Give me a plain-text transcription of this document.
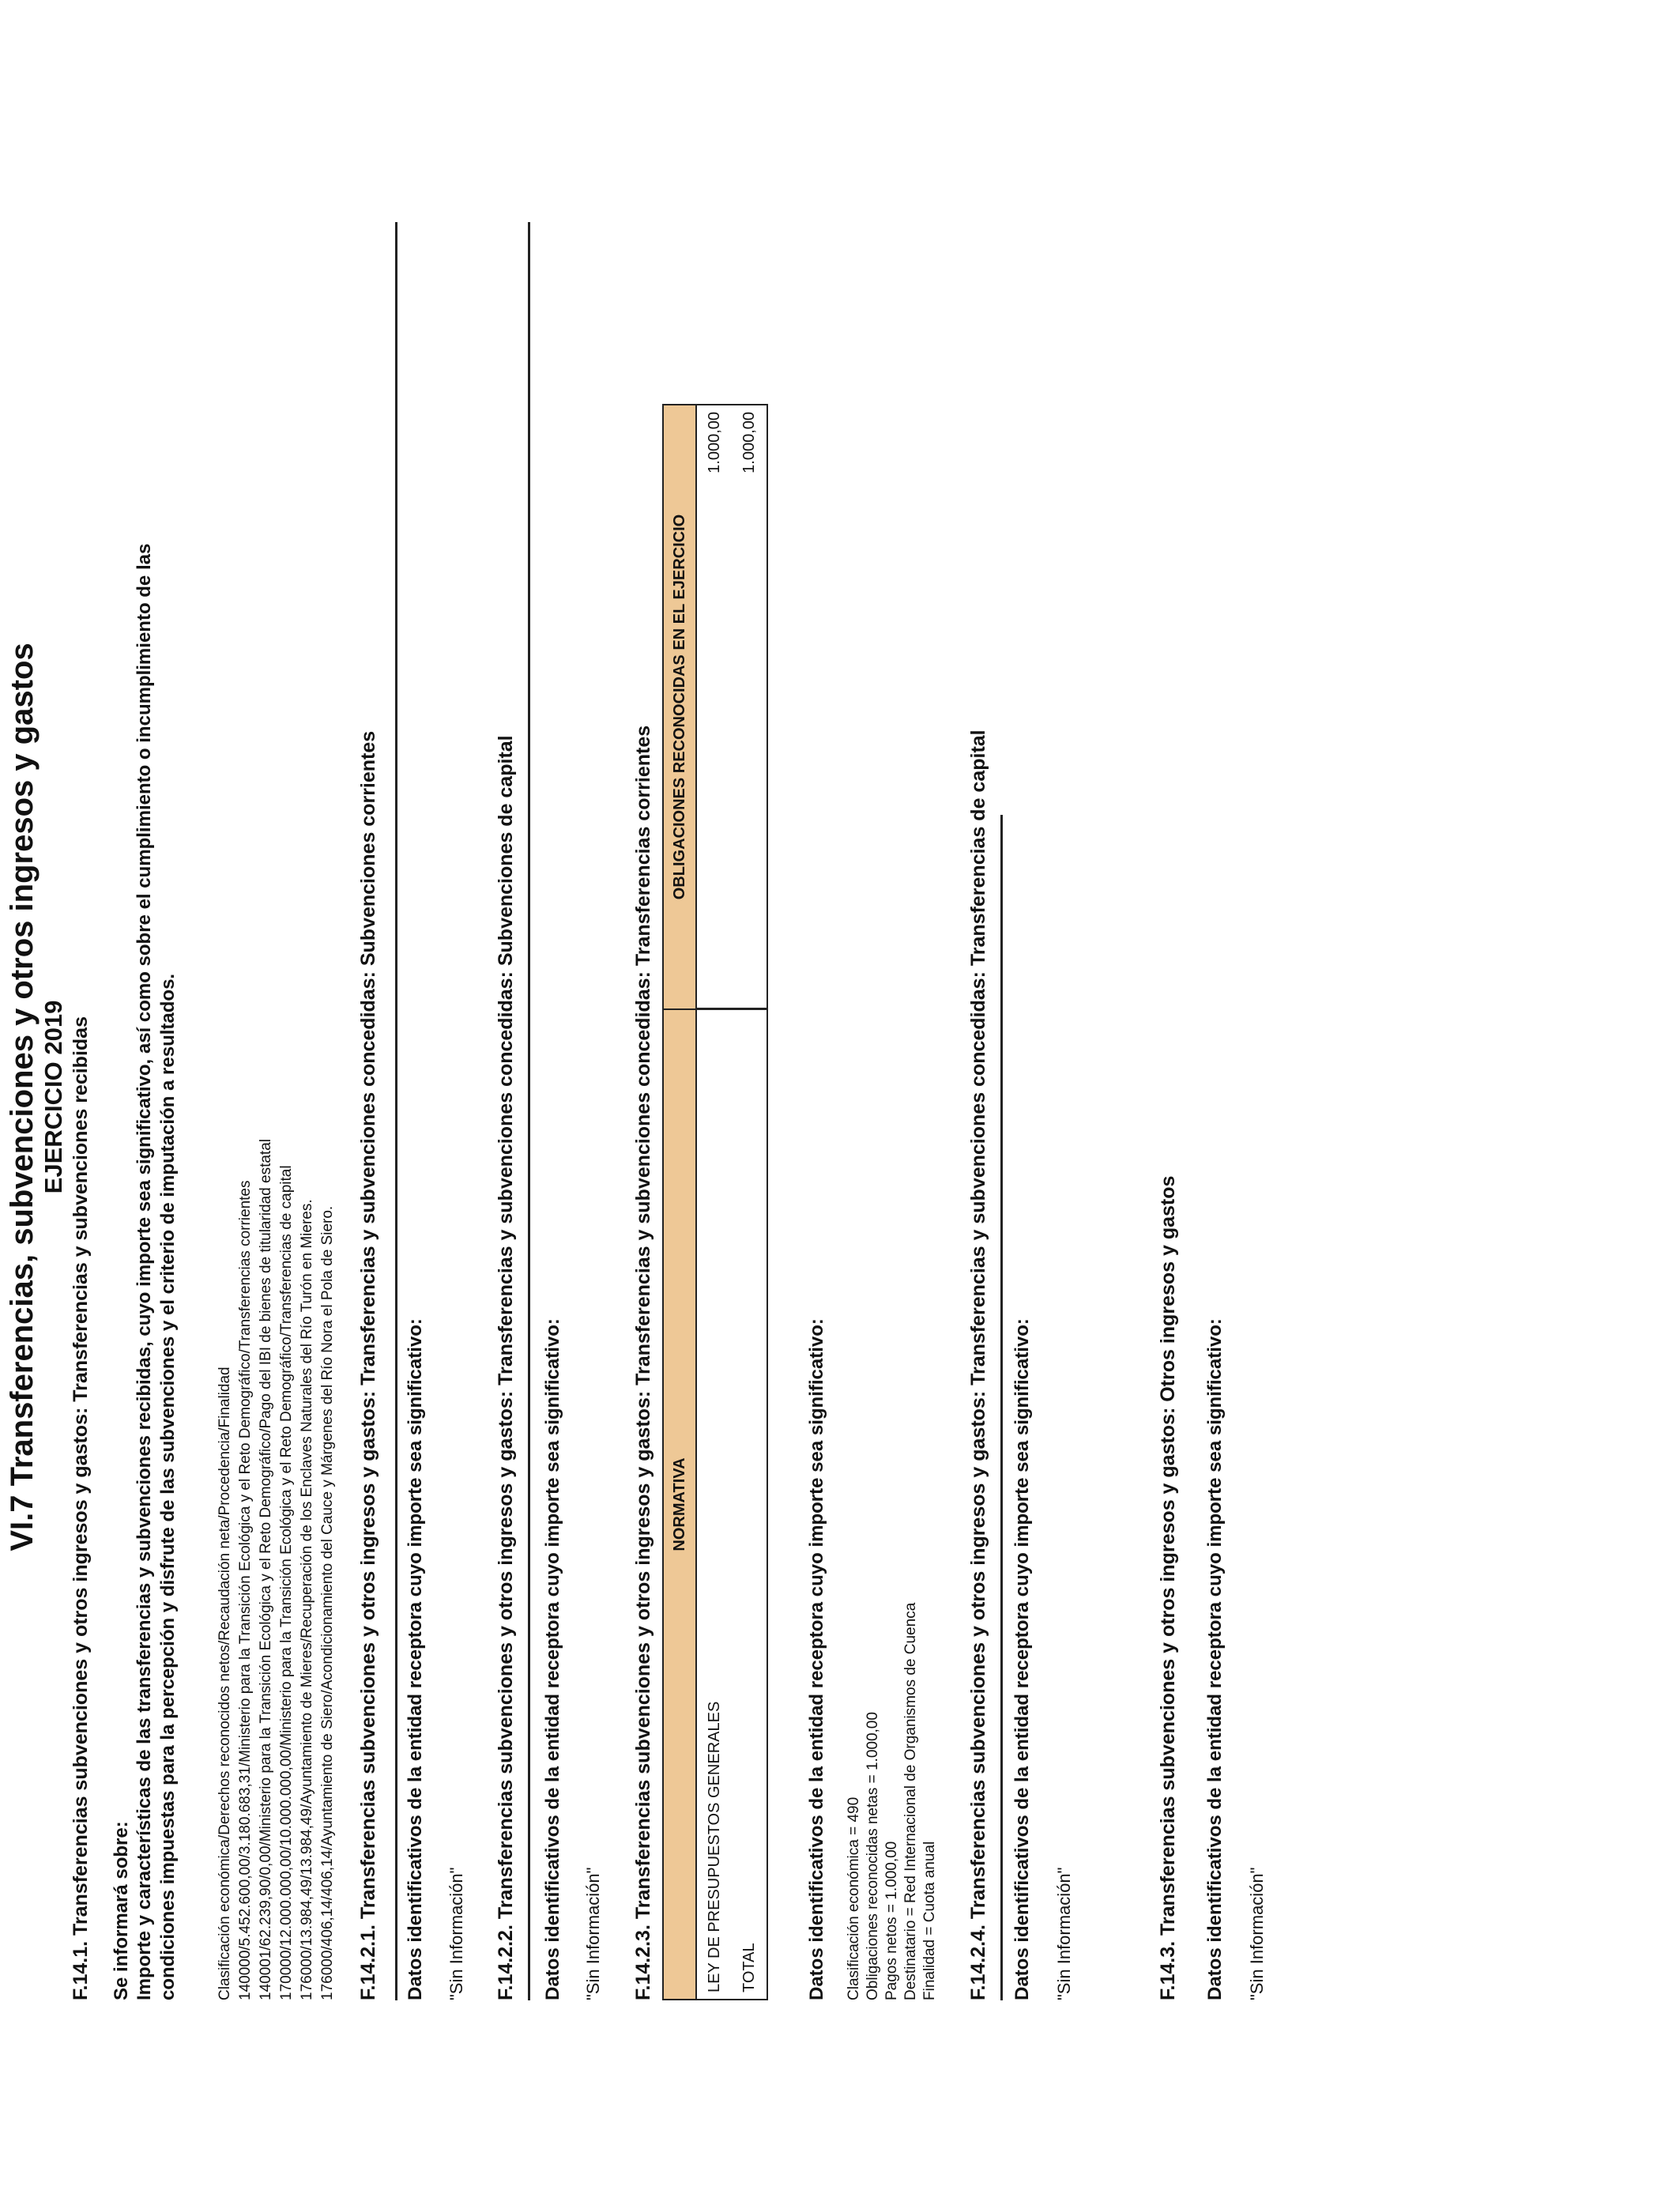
VI.7 Transferencias, subvenciones y otros ingresos y gastos EJERCICIO 2019 F.14.1. Transferencias subvenciones y otros ingresos y gastos: Transferencias y subvenciones recibidas Se informará sobre: Importe y características de las transferencias y subvenciones recibidas, cuyo importe sea significativo, así como sobre el cumplimiento o incumplimiento de las condiciones impuestas para la percepción y disfrute de las subvenciones y el criterio de imputación a resultados.	Clasificación económica/Derechos reconocidos netos/Recaudación neta/Procedencia/Finalidad 140000/5.452.600,00/3.180.683,31/Ministerio para la Transición Ecológica y el Reto Demográfico/Transferencias corrientes 140001/62.239,90/0,00/Ministerio para la Transición Ecológica y el Reto Demográfico/Pago del IBI de bienes de titularidad estatal 170000/12.000.000,00/10.000.000,00/Ministerio para la Transición Ecológica y el Reto Demográfico/Transferencias de capital 176000/13.984,49/13.984,49/Ayuntamiento de Mieres/Recuperación de los Enclaves Naturales del Río Turón en Mieres. 176000/406,14/406,14/Ayuntamiento de Siero/Acondicionamiento del Cauce y Márgenes del Río Nora el Pola de Siero. F.14.2.1. Transferencias subvenciones y otros ingresos y gastos: Transferencias y subvenciones concedidas: Subvenciones corrientes Datos identificativos de la entidad receptora cuyo importe sea significativo: "Sin Información" F.14.2.2. Transferencias subvenciones y otros ingresos y gastos: Transferencias y subvenciones concedidas: Subvenciones de capital Datos identificativos de la entidad receptora cuyo importe sea significativo: "Sin Información" F.14.2.3. Transferencias subvenciones y otros ingresos y gastos: Transferencias y subvenciones concedidas: Transferencias corrientes NORMATIVA	OBLIGACIONES RECONOCIDAS EN EL EJERCICIO
LEY DE PRESUPUESTOS GENERALES	1.000,00
TOTAL	1.000,00
Datos identificativos de la entidad receptora cuyo importe sea significativo: Clasificación económica = 490 Obligaciones reconocidas netas = 1.000,00 Pagos netos = 1.000,00 Destinatario = Red Internacional de Organismos de Cuenca Finalidad = Cuota anual F.14.2.4. Transferencias subvenciones y otros ingresos y gastos: Transferencias y subvenciones concedidas: Transferencias de capital Datos identificativos de la entidad receptora cuyo importe sea significativo: "Sin Información"	F.14.3. Transferencias subvenciones y otros ingresos y gastos: Otros ingresos y gastos Datos identificativos de la entidad receptora cuyo importe sea significativo: "Sin Información"
